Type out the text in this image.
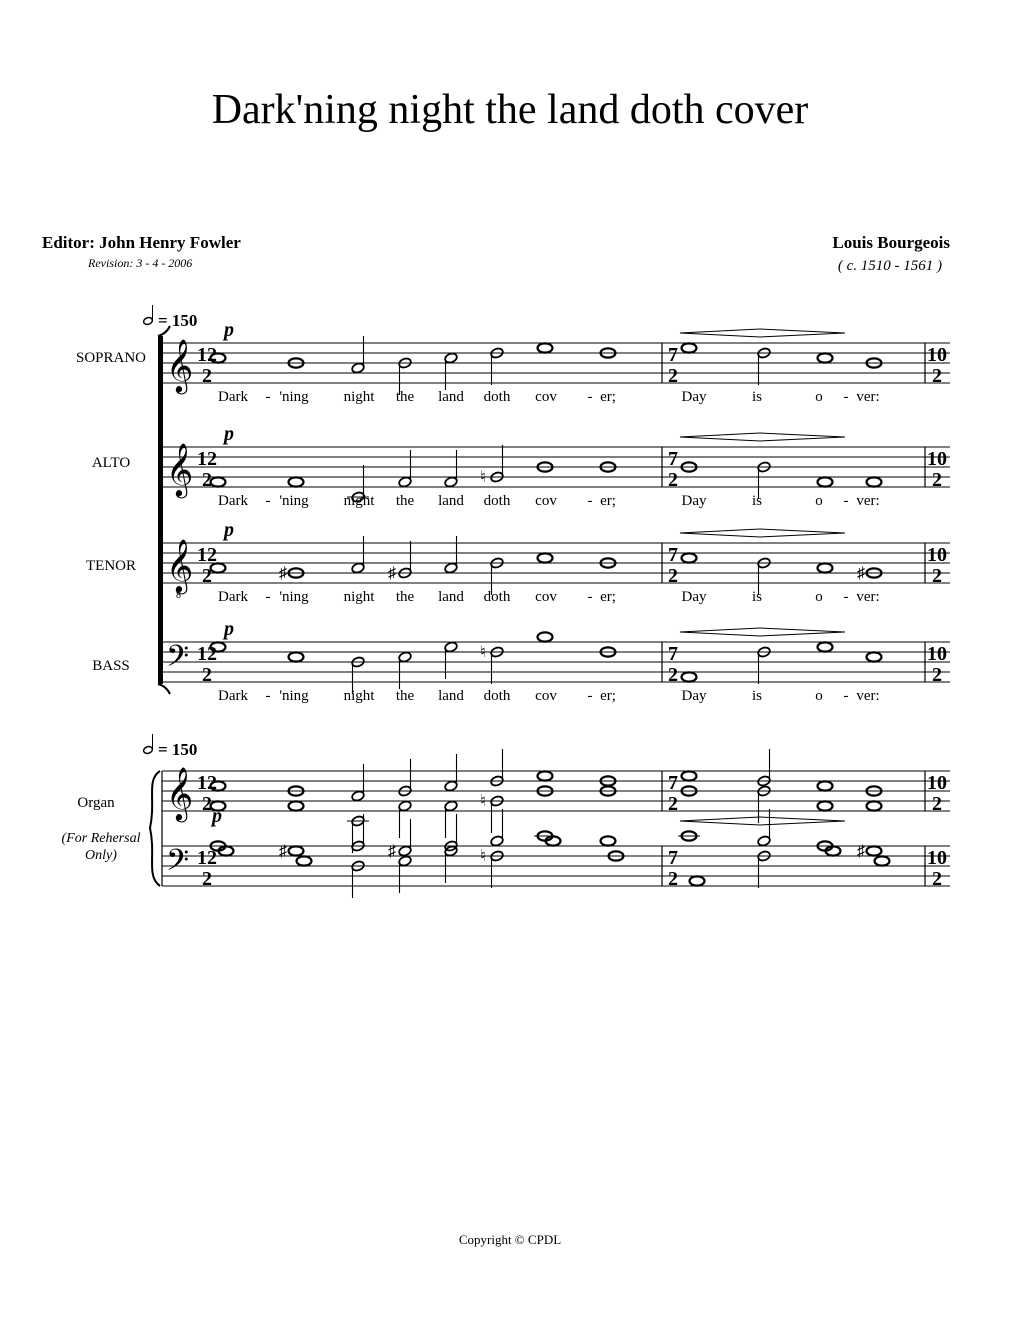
Dark'ning night the land doth cover
Editor: John Henry Fowler
Revision: 3 - 4 - 2006
Louis Bourgeois
( c. 1510 - 1561 )
SOPRANO
ALTO
TENOR
BASS
Organ
(For Rehersal
Only)
𝄞 12
2
7
2
10
2
p
Dark - 'ning night the land doth cov - er;	Day	is	o - ver:
𝄞 12
2
7
2
10
2
♮
p
Dark - 'ning night the land doth cov - er;	Day	is	o - ver:
𝄞
8
12
2
7
2
10
2
♯	♯	♯
p
Dark - 'ning night the land doth cov - er;	Day	is	o - ver:
𝄢 12
2
7
2
10
2
♮
p
Dark - 'ning night the land doth cov - er;	Day	is	o - ver:
= 150
= 150
𝄞
𝄢
12
2
12
2
7
2
7
2
10
2
10
2
♮
♯	♯	♯
♮
p
Copyright © CPDL
